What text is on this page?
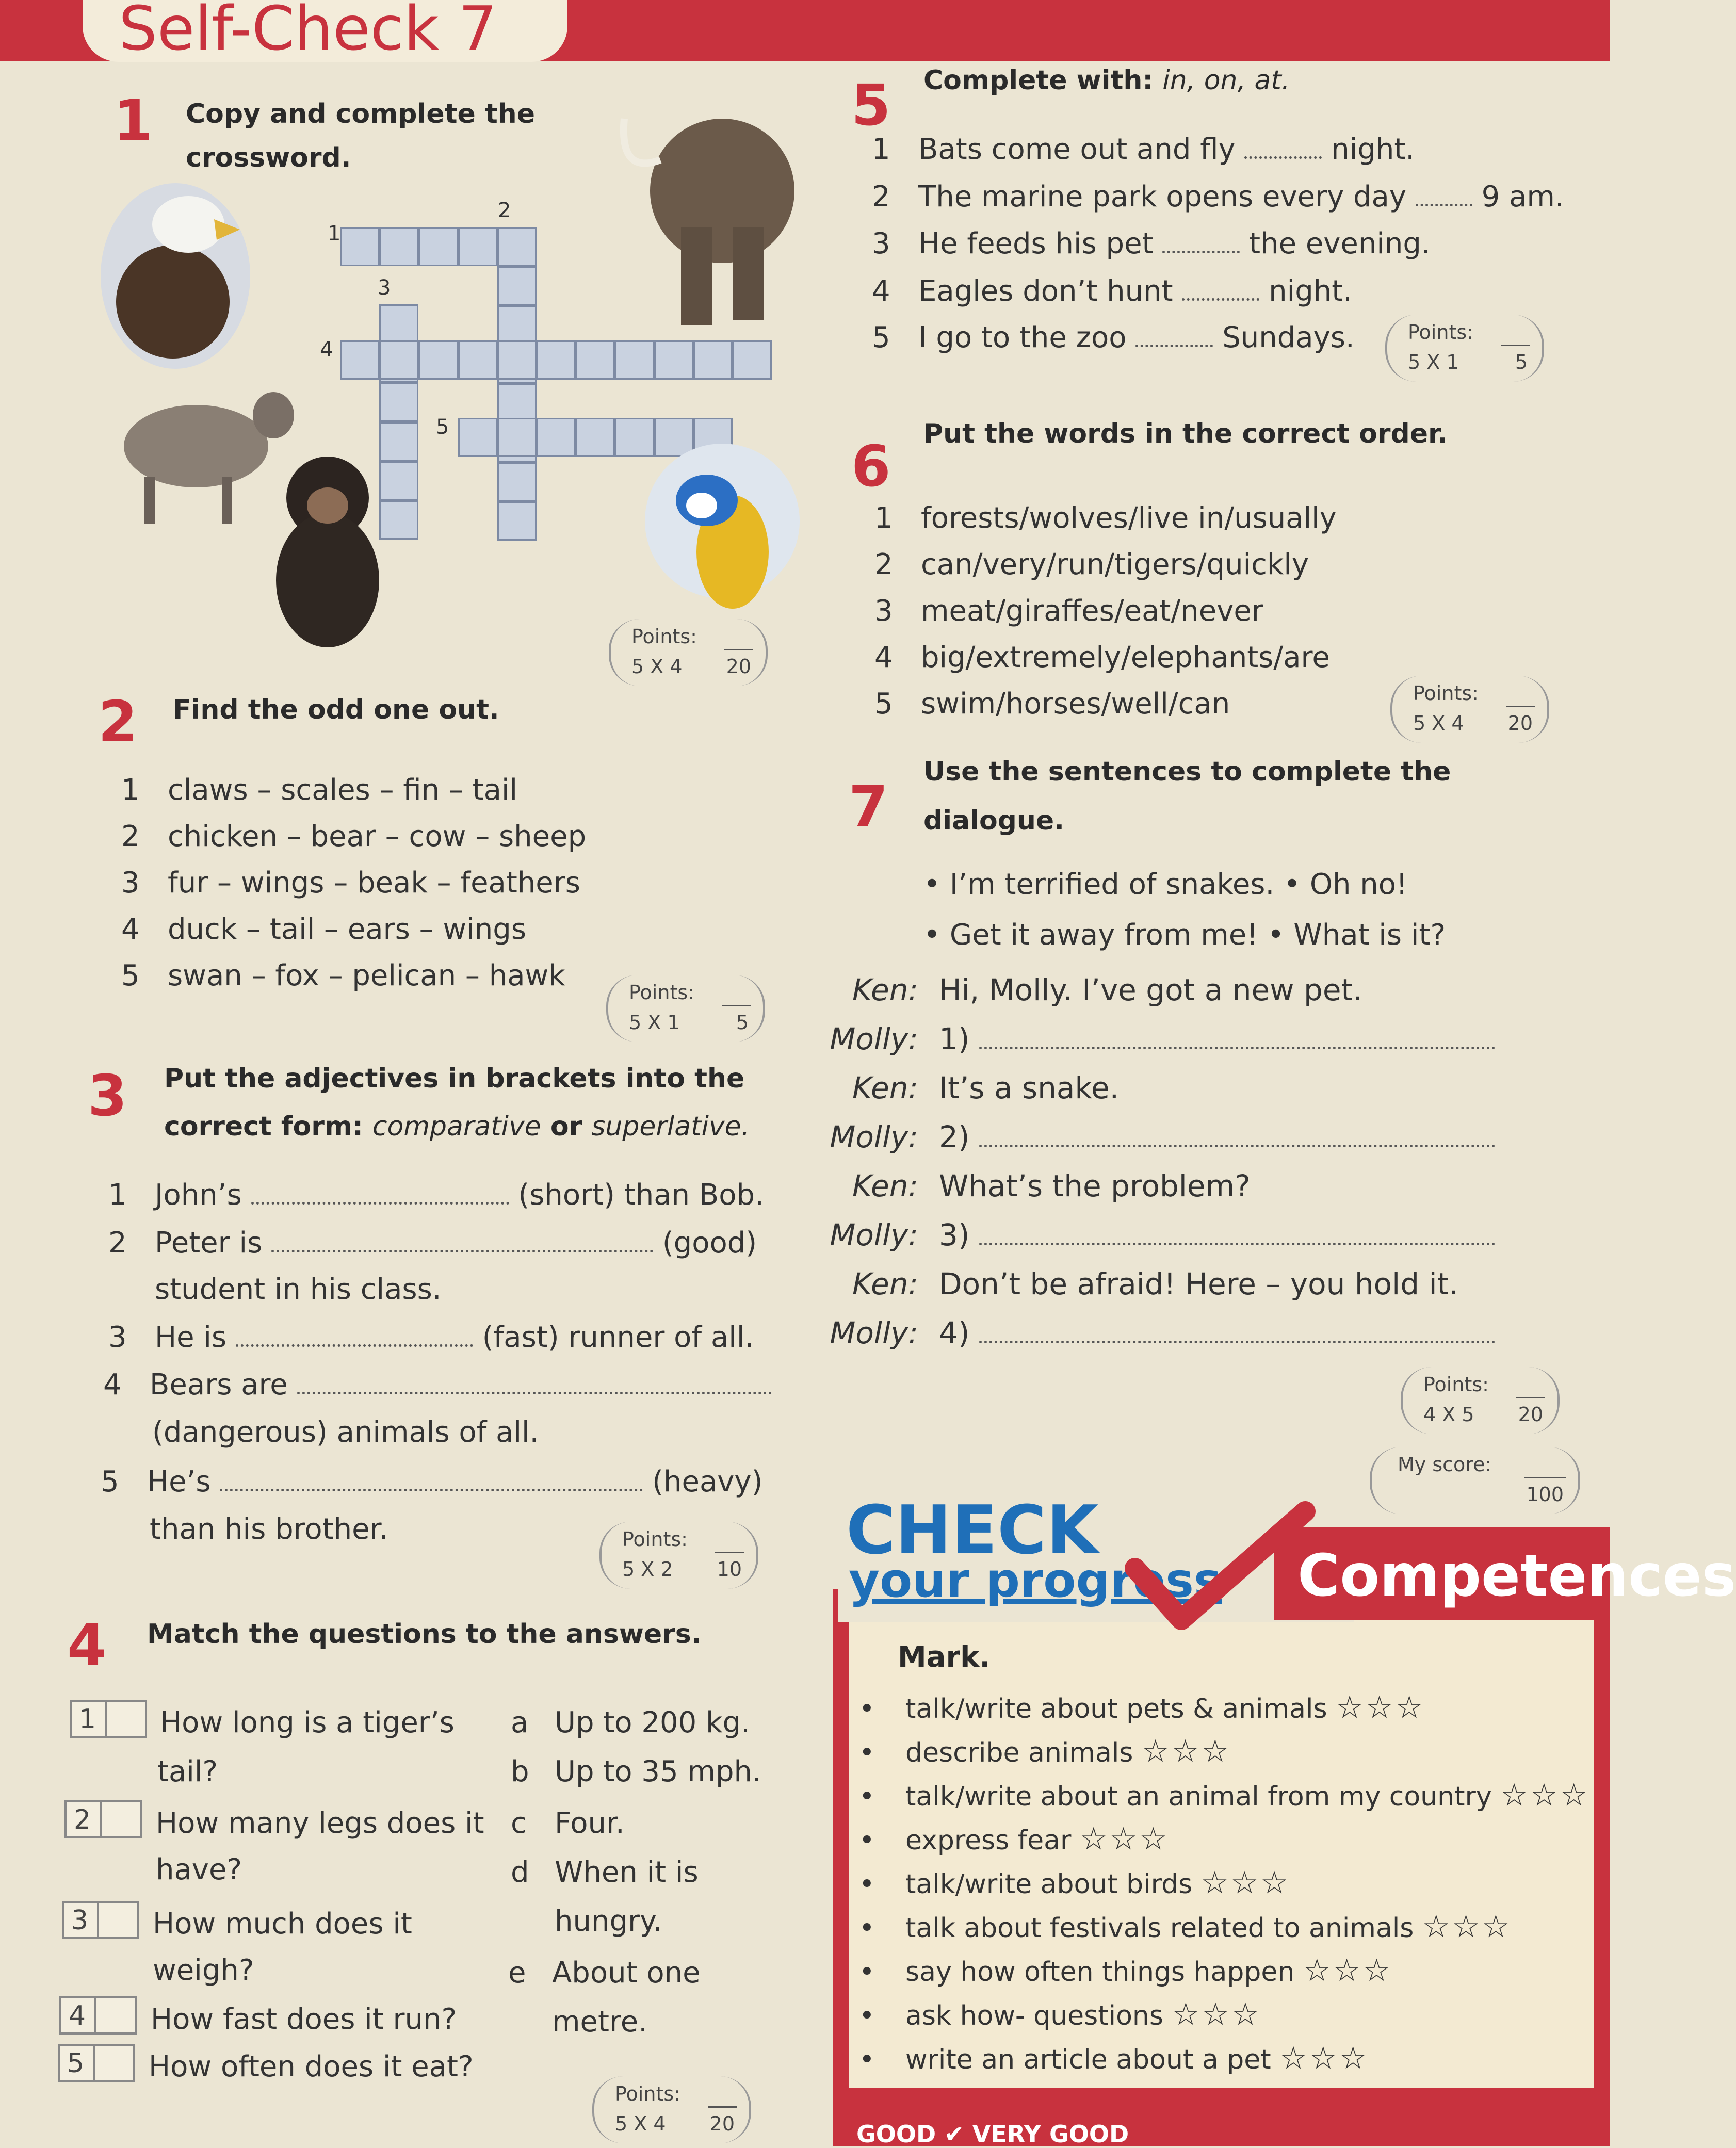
Self-Check 7
1 Copy and complete the
crossword.
1
2
3
4
5
Points:
5 X 4 20
2 Find the odd one out.
1 claws – scales – fin – tail
2 chicken – bear – cow – sheep
3 fur – wings – beak – feathers
4 duck – tail – ears – wings
5 swan – fox – pelican – hawk	Points:
5 X 1	5
3 Put the adjectives in brackets into the
correct form: comparative or superlative.
1 John’s	(short) than Bob.
2 Peter is	(good)
student in his class.
3 He is	(fast) runner of all.
4 Bears are
(dangerous) animals of all.
5 He’s	(heavy)
than his brother.	Points:
5 X 2 10
4 Match the questions to the answers.
1 How long is a tiger’s
tail?
2 How many legs does it
have?
3 How much does it
weigh?
4 How fast does it run?
5 How often does it eat?
a Up to 200 kg.
b Up to 35 mph.
c Four.
d When it is
hungry.
e About one
metre.
Points:
5 X 4 20
5 Complete with: in, on, at.
1 Bats come out and fly	night.
2 The marine park opens every day	9 am.
3 He feeds his pet	the evening.
4 Eagles don’t hunt	night.
5 I go to the zoo	Sundays.	Points:
5 X 1	5
6 Put the words in the correct order.
1 forests/wolves/live in/usually
2 can/very/run/tigers/quickly
3 meat/giraffes/eat/never
4 big/extremely/elephants/are
5 swim/horses/well/can	Points:
5 X 4 20
7
Use the sentences to complete the
dialogue.
• I’m terrified of snakes. • Oh no!
• Get it away from me! • What is it?
Ken: Hi, Molly. I’ve got a new pet.
Molly: 1)
Ken: It’s a snake.
Molly: 2)
Ken: What’s the problem?
Molly: 3)
Ken: Don’t be afraid! Here – you hold it.
Molly: 4)
Points:
4 X 5 20
My score:
100
CHECK
your progress Competences
Mark.
• talk/write about pets & animals ☆☆☆
• describe animals ☆☆☆
• talk/write about an animal from my country ☆☆☆
• express fear ☆☆☆
• talk/write about birds ☆☆☆
• talk about festivals related to animals ☆☆☆
• say how often things happen ☆☆☆
• ask how- questions ☆☆☆
• write an article about a pet ☆☆☆
GOOD ✔ VERY GOOD
